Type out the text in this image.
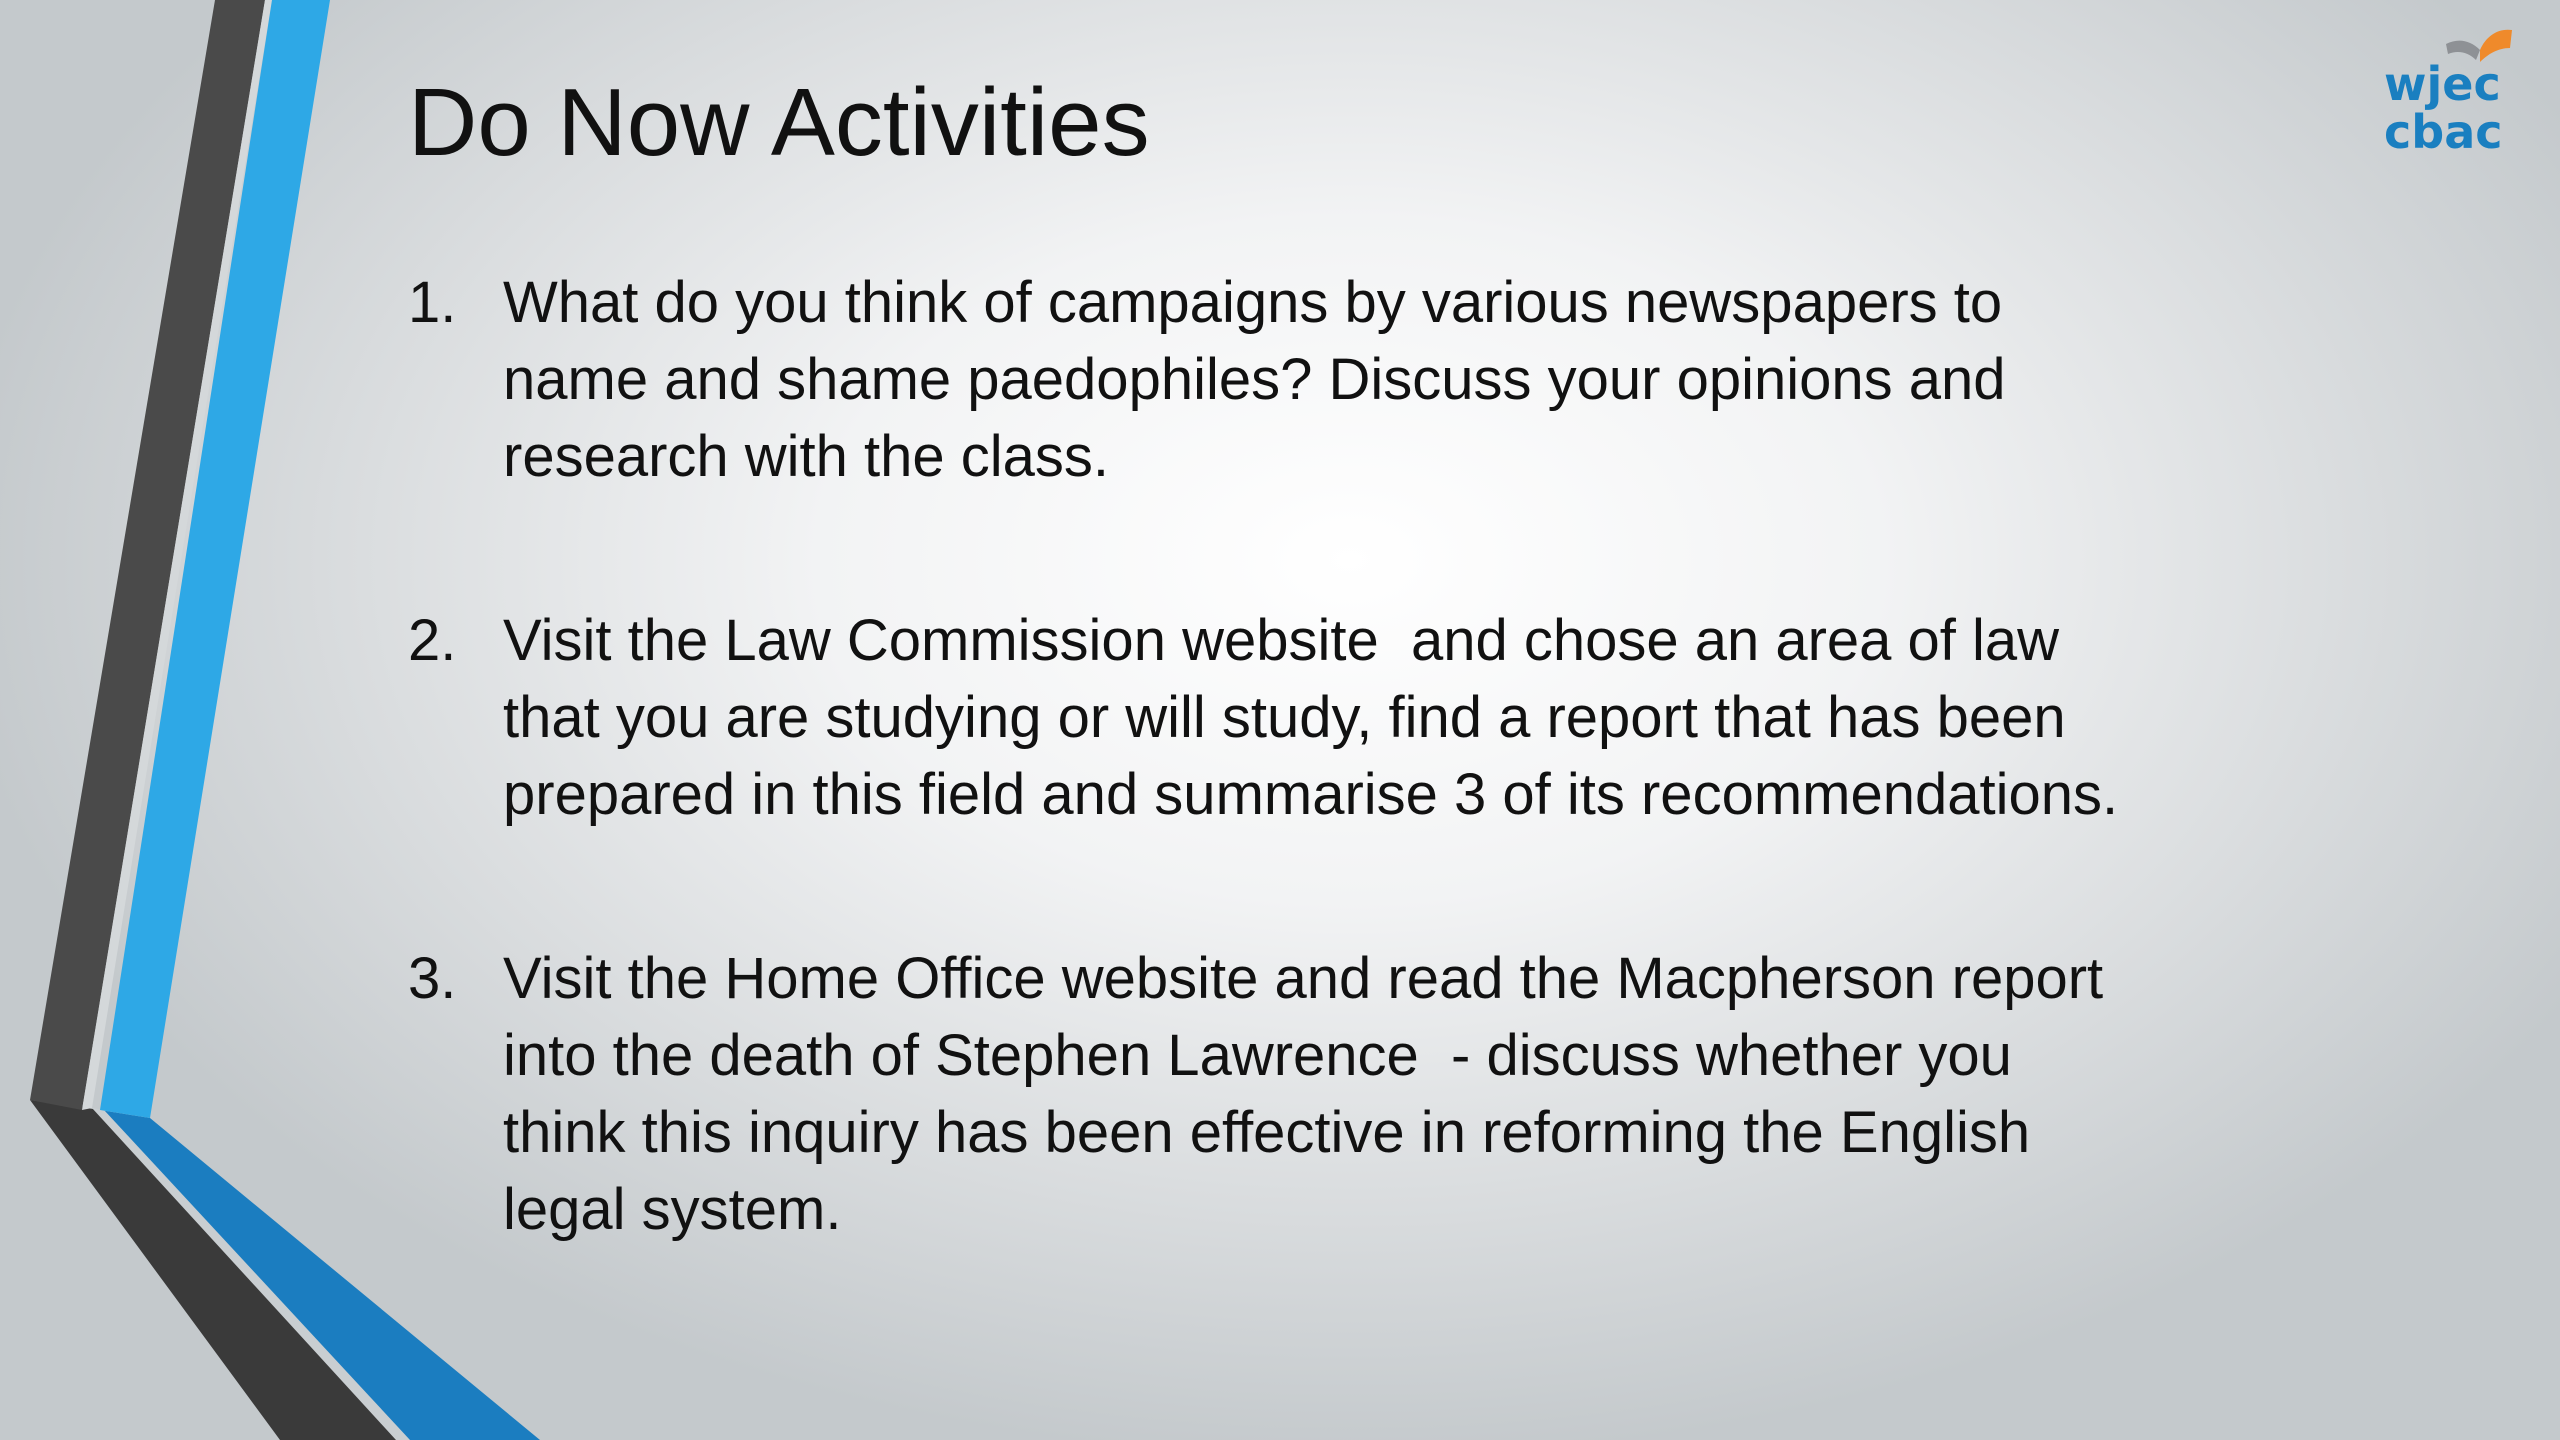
wjec
cbac
Do Now Activities
1. What do you think of campaigns by various newspapers to
name and shame paedophiles? Discuss your opinions and
research with the class.
2. Visit the Law Commission website  and chose an area of law
that you are studying or will study, find a report that has been
prepared in this field and summarise 3 of its recommendations.
3. Visit the Home Office website and read the Macpherson report
into the death of Stephen Lawrence  - discuss whether you
think this inquiry has been effective in reforming the English
legal system.
